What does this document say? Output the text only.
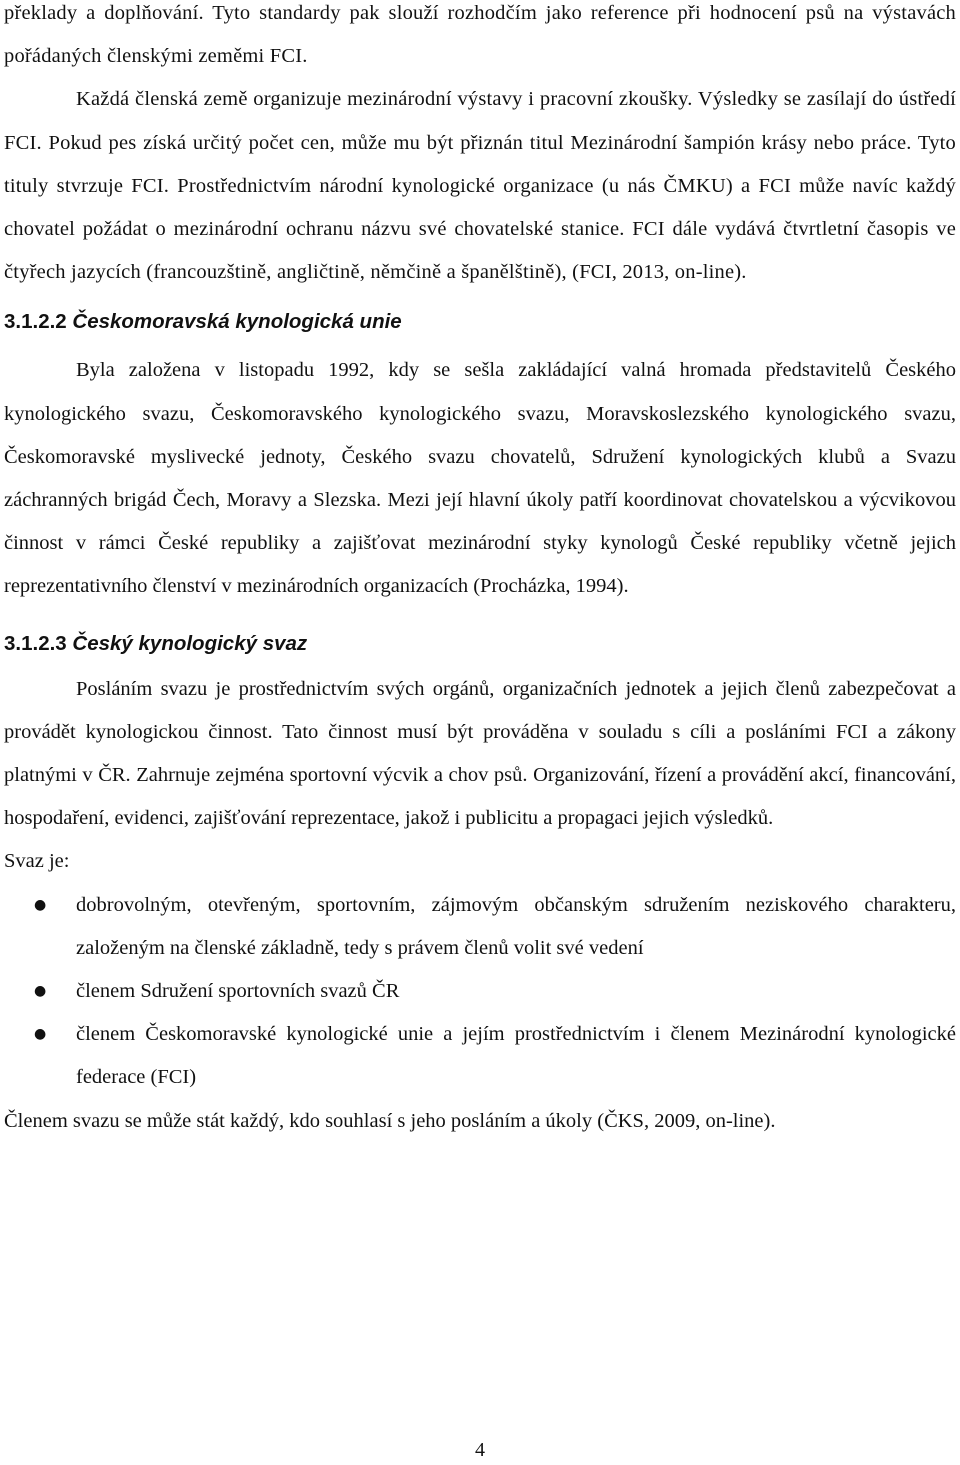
překlady a doplňování. Tyto standardy pak slouží rozhodčím jako reference při hodnocení psů na výstavách pořádaných členskými zeměmi FCI.

Každá členská země organizuje mezinárodní výstavy i pracovní zkoušky. Výsledky se zasílají do ústředí FCI. Pokud pes získá určitý počet cen, může mu být přiznán titul Mezinárodní šampión krásy nebo práce. Tyto tituly stvrzuje FCI. Prostřednictvím národní kynologické organizace (u nás ČMKU) a FCI může navíc každý chovatel požádat o mezinárodní ochranu názvu své chovatelské stanice. FCI dále vydává čtvrtletní časopis ve čtyřech jazycích (francouzštině, angličtině, němčině a španělštině), (FCI, 2013, on-line).

3.1.2.2 Českomoravská kynologická unie

Byla založena v listopadu 1992, kdy se sešla zakládající valná hromada představitelů Českého kynologického svazu, Českomoravského kynologického svazu, Moravskoslezského kynologického svazu, Českomoravské myslivecké jednoty, Českého svazu chovatelů, Sdružení kynologických klubů a Svazu záchranných brigád Čech, Moravy a Slezska. Mezi její hlavní úkoly patří koordinovat chovatelskou a výcvikovou činnost v rámci České republiky a zajišťovat mezinárodní styky kynologů České republiky včetně jejich reprezentativního členství v mezinárodních organizacích (Procházka, 1994).

3.1.2.3 Český kynologický svaz

Posláním svazu je prostřednictvím svých orgánů, organizačních jednotek a jejich členů zabezpečovat a provádět kynologickou činnost. Tato činnost musí být prováděna v souladu s cíli a posláními FCI a zákony platnými v ČR. Zahrnuje zejména sportovní výcvik a chov psů. Organizování, řízení a provádění akcí, financování, hospodaření, evidenci, zajišťování reprezentace, jakož i publicitu a propagaci jejich výsledků.

Svaz je:

● dobrovolným, otevřeným, sportovním, zájmovým občanským sdružením neziskového charakteru, založeným na členské základně, tedy s právem členů volit své vedení
● členem Sdružení sportovních svazů ČR
● členem Českomoravské kynologické unie a jejím prostřednictvím i členem Mezinárodní kynologické federace (FCI)

Členem svazu se může stát každý, kdo souhlasí s jeho posláním a úkoly (ČKS, 2009, on-line).

4
